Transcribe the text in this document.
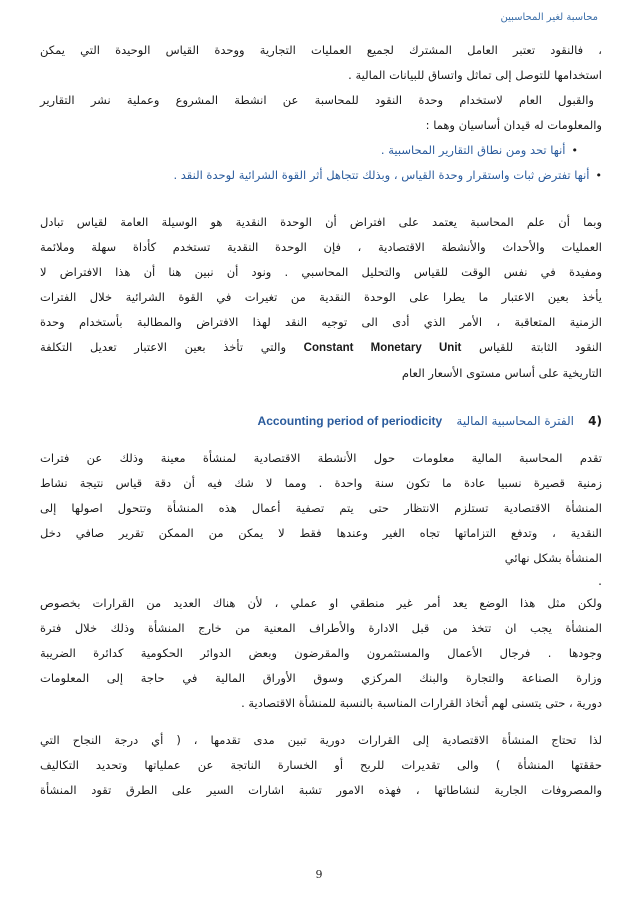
محاسبة لغير المحاسبين
، فالنقود تعتبر العامل المشترك لجميع العمليات التجارية ووحدة القياس الوحيدة التي يمكن
استخدامها للتوصل إلى تماثل واتساق للبيانات المالية .
والقبول العام لاستخدام وحدة النقود للمحاسبة عن انشطة المشروع وعملية نشر التقارير
والمعلومات له قيدان أساسيان وهما :
•
أنها تحد ومن نطاق التقارير المحاسبية .
•
أنها تفترض ثبات واستقرار وحدة القياس ، وبذلك تتجاهل أثر القوة الشرائية لوحدة النقد .
وبما أن علم المحاسبة يعتمد على افتراض أن الوحدة النقدية هو الوسيلة العامة لقياس تبادل
العمليات والأحداث والأنشطة الاقتصادية ، فإن الوحدة النقدية تستخدم كأداة سهلة وملائمة
ومفيدة في نفس الوقت للقياس والتحليل المحاسبي . ونود أن نبين هنا أن هذا الافتراض لا
يأخذ بعين الاعتبار ما يطرا على الوحدة النقدية من تغيرات في القوة الشرائية خلال الفترات
الزمنية المتعاقبة ، الأمر الذي أدى الى توجيه النقد لهذا الافتراض والمطالبة بأستخدام وحدة
النقود الثابتة للقياس Constant Monetary Unit والتي تأخذ بعين الاعتبار تعديل التكلفة
التاريخية على أساس مستوى الأسعار العام
(4 الفترة المحاسبية المالية Accounting period of periodicity
تقدم المحاسبة المالية معلومات حول الأنشطة الاقتصادية لمنشأة معينة وذلك عن فترات
زمنية قصيرة نسبيا عادة ما تكون سنة واحدة . ومما لا شك فيه أن دقة قياس نتيجة نشاط
المنشأة الاقتصادية تستلزم الانتظار حتى يتم تصفية أعمال هذه المنشأة وتتحول اصولها إلى
النقدية ، وتدفع التزاماتها تجاه الغير وعندها فقط لا يمكن من الممكن تقرير صافي دخل
المنشأة بشكل نهائي
.
ولكن مثل هذا الوضع يعد أمر غير منطقي او عملي ، لأن هناك العديد من القرارات بخصوص
المنشأة يجب ان تتخذ من قبل الادارة والأطراف المعنية من خارج المنشأة وذلك خلال فترة
وجودها . فرجال الأعمال والمستثمرون والمقرضون وبعض الدوائر الحكومية كدائرة الضريبة
وزارة الصناعة والتجارة والبنك المركزي وسوق الأوراق المالية في حاجة إلى المعلومات
دورية ، حتى يتسنى لهم أتخاذ القرارات المناسبة بالنسبة للمنشأة الاقتصادية .
لذا تحتاج المنشأة الاقتصادية إلى القرارات دورية تبين مدى تقدمها ، ( أي درجة النجاح التي
حققتها المنشأة ) والى تقديرات للربح أو الخسارة الناتجة عن عملياتها وتحديد التكاليف
والمصروفات الجارية لنشاطاتها ، فهذه الامور تشبة اشارات السير على الطرق تقود المنشأة
9
